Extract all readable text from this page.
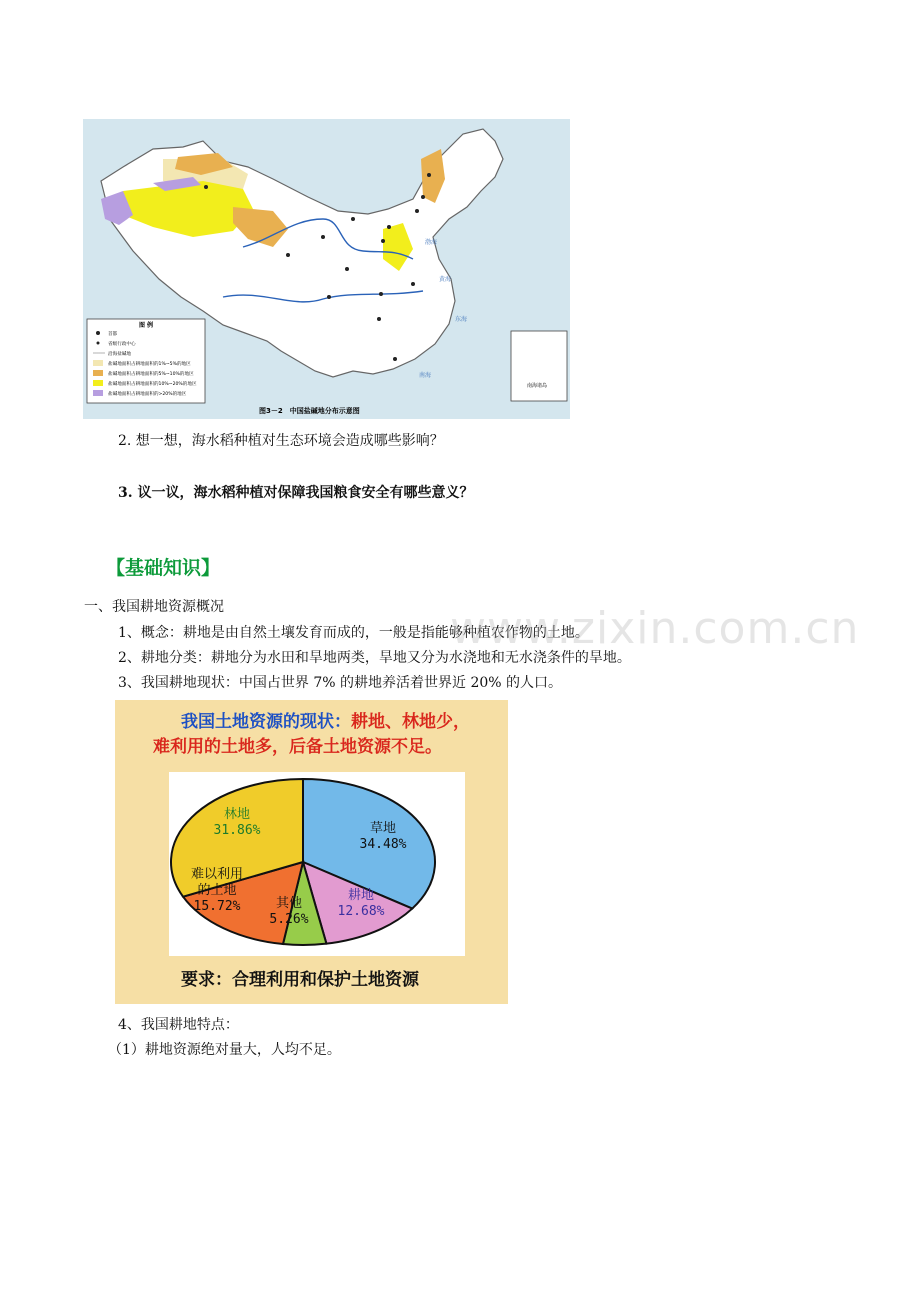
渤海
黄海
东海
南海
图 例
首都
省级行政中心
⋯⋯ 沿海盐碱地
盐碱地面积占耕地面积的1%~5%的地区
盐碱地面积占耕地面积的5%~10%的地区
盐碱地面积占耕地面积的10%~20%的地区
盐碱地面积占耕地面积的>20%的地区
南海诸岛
图3－2　中国盐碱地分布示意图
2. 想一想，海水稻种植对生态环境会造成哪些影响？
3. 议一议，海水稻种植对保障我国粮食安全有哪些意义？
【基础知识】
一、我国耕地资源概况
1、概念：耕地是由自然土壤发育而成的，一般是指能够种植农作物的土地。
2、耕地分类：耕地分为水田和旱地两类，旱地又分为水浇地和无水浇条件的旱地。
3、我国耕地现状：中国占世界 7% 的耕地养活着世界近 20% 的人口。
www.zixin.com.cn
我国土地资源的现状：耕地、林地少，
难利用的土地多，后备土地资源不足。
草地
34.48%
耕地
12.68%
其他
5.26%
难以利用
的土地
15.72%
林地
31.86%
要求：合理利用和保护土地资源
4、我国耕地特点：
（1）耕地资源绝对量大，人均不足。
